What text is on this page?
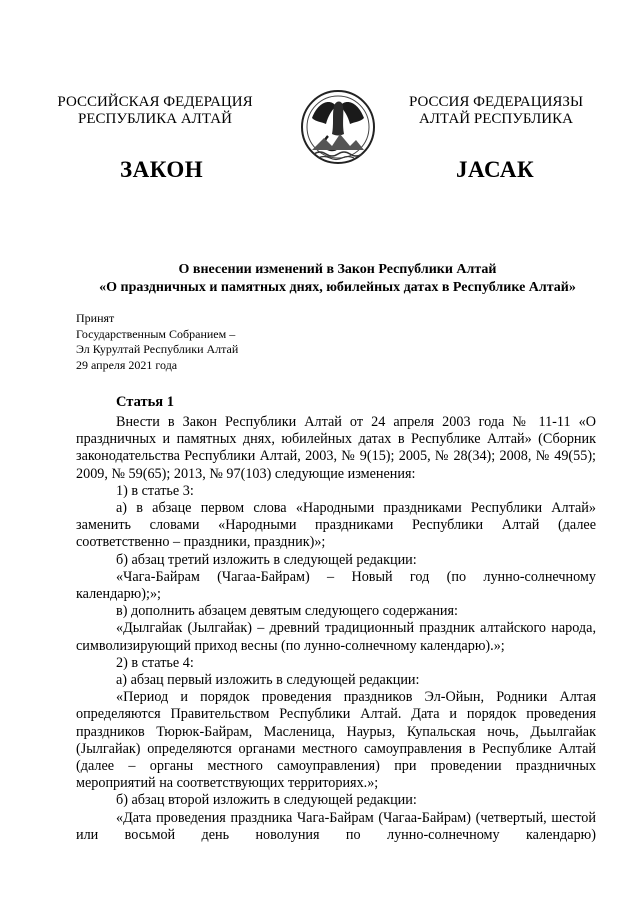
РОССИЙСКАЯ ФЕДЕРАЦИЯ
РЕСПУБЛИКА АЛТАЙ
РОССИЯ ФЕДЕРАЦИЯЗЫ
АЛТАЙ РЕСПУБЛИКА
ЗАКОН	JАСАК
О внесении изменений в Закон Республики Алтай
«О праздничных и памятных днях, юбилейных датах в Республике Алтай»
Принят
Государственным Собранием –
Эл Курултай Республики Алтай
29 апреля 2021 года
Статья 1

Внести в Закон Республики Алтай от 24 апреля 2003 года № 11-11 «О праздничных и памятных днях, юбилейных датах в Республике Алтай» (Сборник законодательства Республики Алтай, 2003, № 9(15); 2005, № 28(34); 2008, № 49(55); 2009, № 59(65); 2013, № 97(103) следующие изменения:

1) в статье 3:

а) в абзаце первом слова «Народными праздниками Республики Алтай» заменить словами «Народными праздниками Республики Алтай (далее соответственно – праздники, праздник)»;

б) абзац третий изложить в следующей редакции:

«Чага-Байрам (Чагаа-Байрам) – Новый год (по лунно-солнечному календарю);»;

в) дополнить абзацем девятым следующего содержания:

«Дылгайак (Јылгайак) – древний традиционный праздник алтайского народа, символизирующий приход весны (по лунно-солнечному календарю).»;

2) в статье 4:

а) абзац первый изложить в следующей редакции:

«Период и порядок проведения праздников Эл-Ойын, Родники Алтая определяются Правительством Республики Алтай. Дата и порядок проведения праздников Тюрюк-Байрам, Масленица, Наурыз, Купальская ночь, Дьылгайак (Јылгайак) определяются органами местного самоуправления в Республике Алтай (далее – органы местного самоуправления) при проведении праздничных мероприятий на соответствующих территориях.»;

б) абзац второй изложить в следующей редакции:

«Дата проведения праздника Чага-Байрам (Чагаа-Байрам) (четвертый, шестой или восьмой день новолуния по лунно-солнечному календарю)
